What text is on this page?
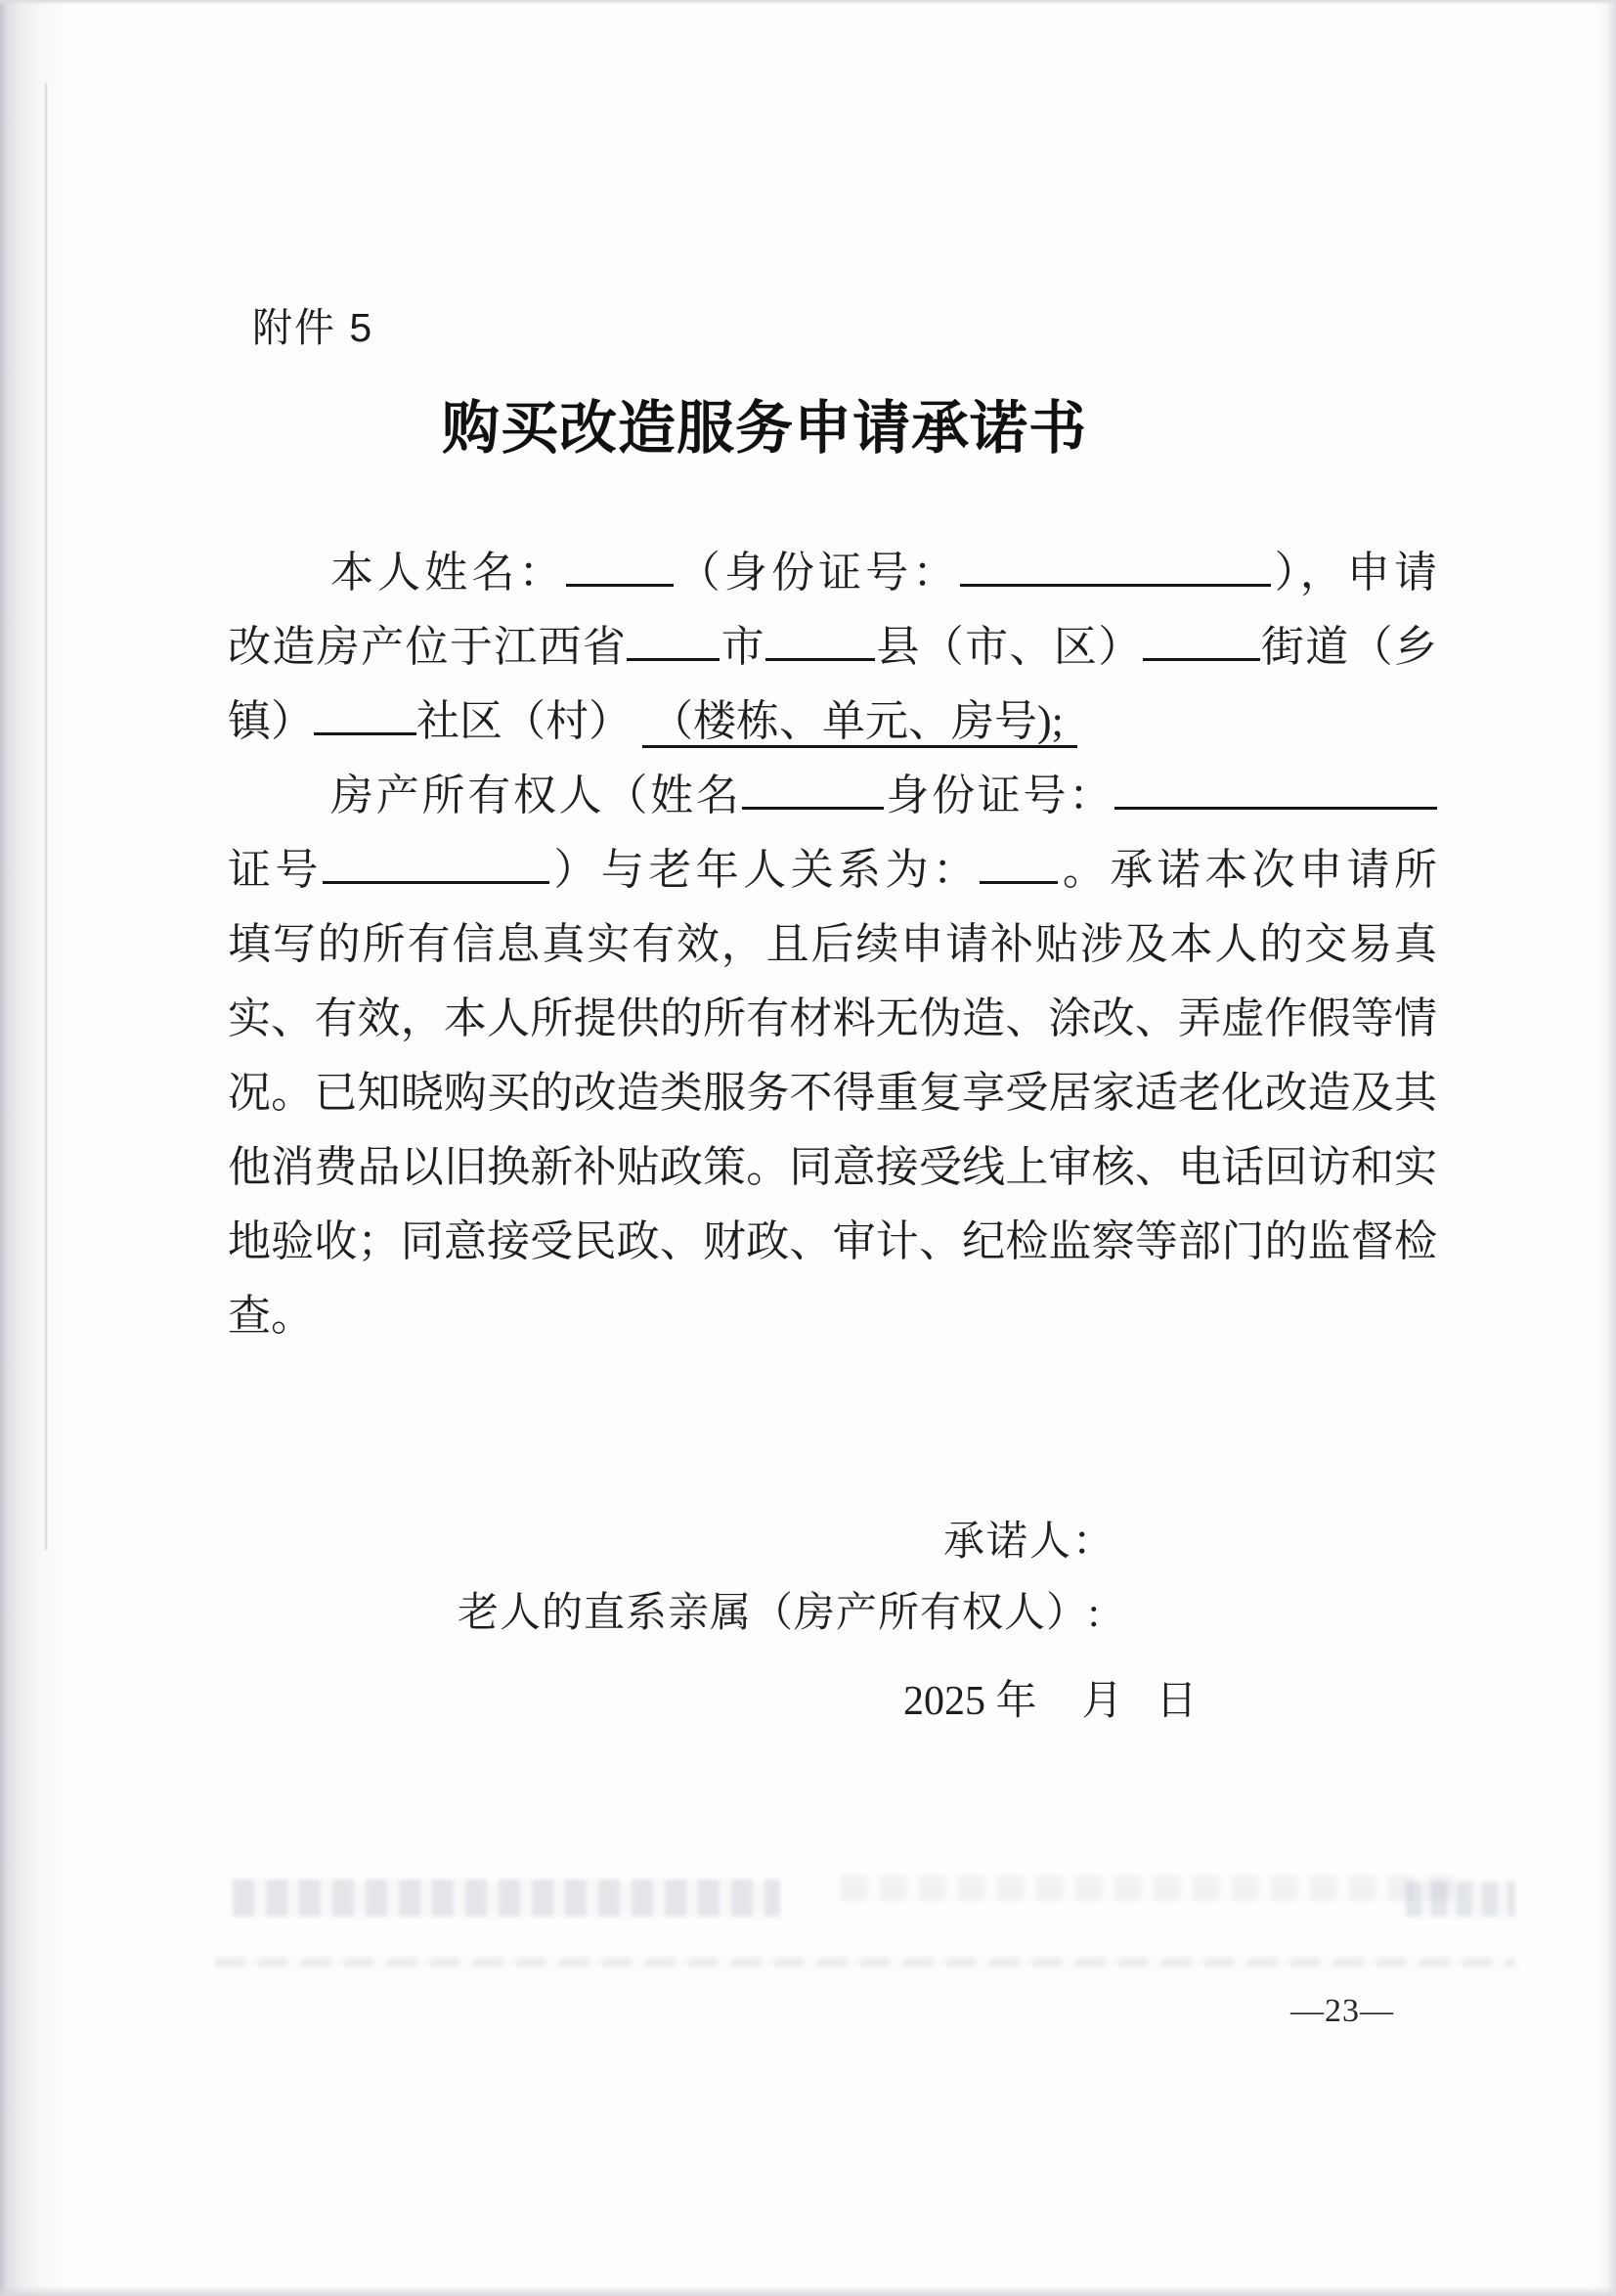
附件 5
购买改造服务申请承诺书
本人姓名：	（身份证号：	），申请
改造房产位于江西省 市	县（市、区）	街道（乡
镇） 社区（村） （楼栋、单元、房号);
房产所有权人（姓名	身份证号：
证号	）与老年人关系为： 。承诺本次申请所
填写的所有信息真实有效，且后续申请补贴涉及本人的交易真
实、有效，本人所提供的所有材料无伪造、涂改、弄虚作假等情
况。已知晓购买的改造类服务不得重复享受居家适老化改造及其
他消费品以旧换新补贴政策。同意接受线上审核、电话回访和实
地验收；同意接受民政、财政、审计、纪检监察等部门的监督检
查。
承诺人：
老人的直系亲属（房产所有权人）:
2025 年 月 日
—23—
